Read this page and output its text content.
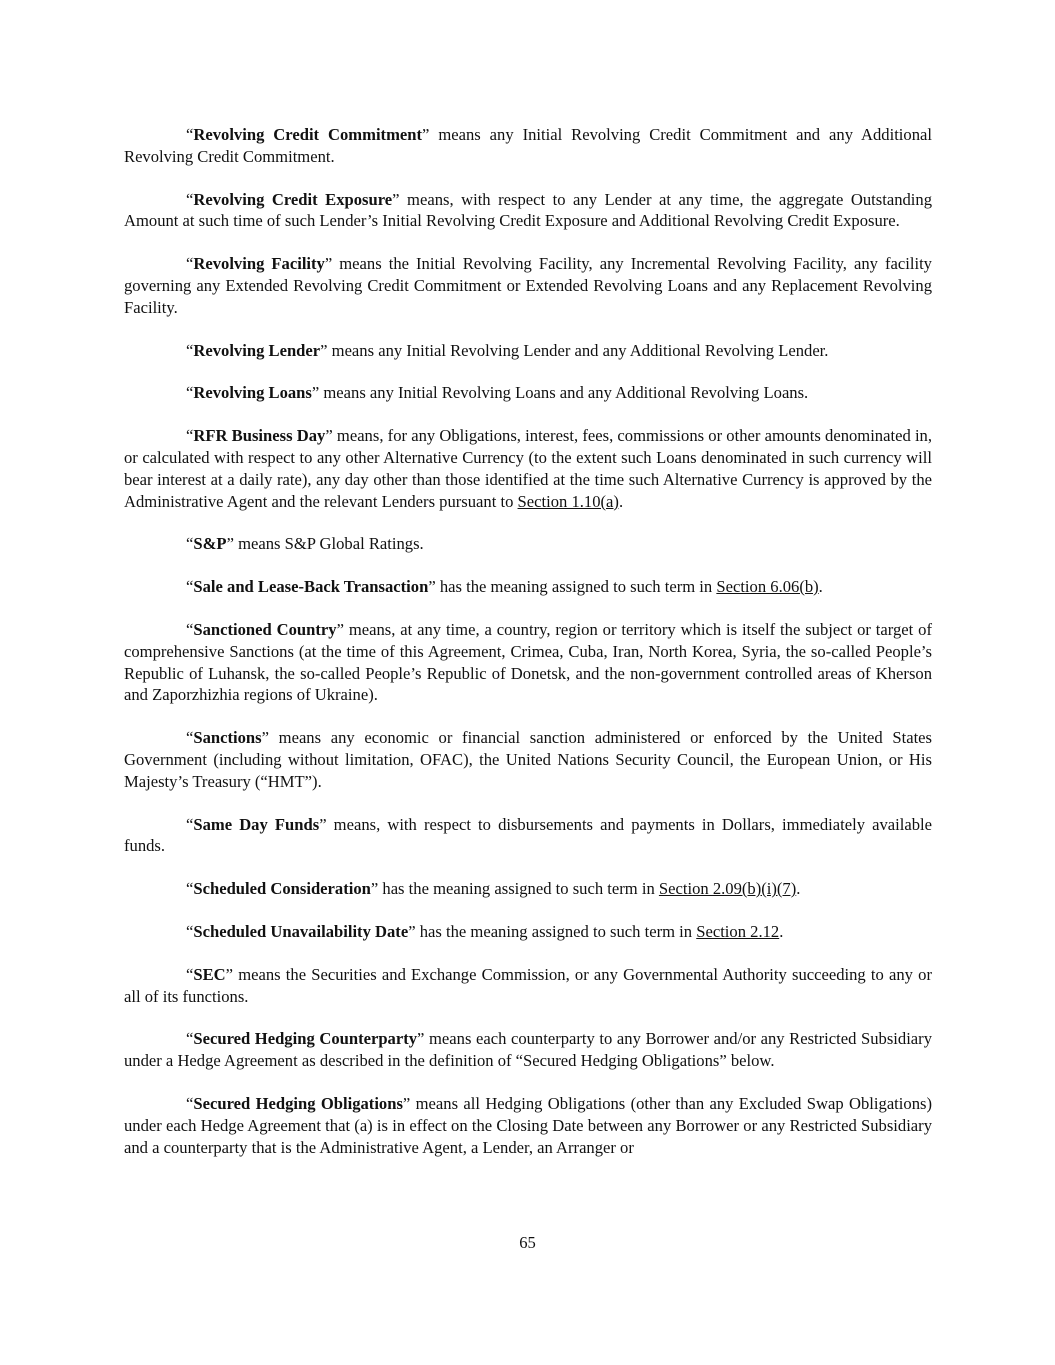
“Revolving Credit Commitment” means any Initial Revolving Credit Commitment and any Additional Revolving Credit Commitment.

“Revolving Credit Exposure” means, with respect to any Lender at any time, the aggregate Outstanding Amount at such time of such Lender’s Initial Revolving Credit Exposure and Additional Revolving Credit Exposure.

“Revolving Facility” means the Initial Revolving Facility, any Incremental Revolving Facility, any facility governing any Extended Revolving Credit Commitment or Extended Revolving Loans and any Replacement Revolving Facility.

“Revolving Lender” means any Initial Revolving Lender and any Additional Revolving Lender.

“Revolving Loans” means any Initial Revolving Loans and any Additional Revolving Loans.

“RFR Business Day” means, for any Obligations, interest, fees, commissions or other amounts denominated in, or calculated with respect to any other Alternative Currency (to the extent such Loans denominated in such currency will bear interest at a daily rate), any day other than those identified at the time such Alternative Currency is approved by the Administrative Agent and the relevant Lenders pursuant to Section 1.10(a).

“S&P” means S&P Global Ratings.

“Sale and Lease-Back Transaction” has the meaning assigned to such term in Section 6.06(b).

“Sanctioned Country” means, at any time, a country, region or territory which is itself the subject or target of comprehensive Sanctions (at the time of this Agreement, Crimea, Cuba, Iran, North Korea, Syria, the so-called People’s Republic of Luhansk, the so-called People’s Republic of Donetsk, and the non-government controlled areas of Kherson and Zaporzhizhia regions of Ukraine).

“Sanctions” means any economic or financial sanction administered or enforced by the United States Government (including without limitation, OFAC), the United Nations Security Council, the European Union, or His Majesty’s Treasury (“HMT”).

“Same Day Funds” means, with respect to disbursements and payments in Dollars, immediately available funds.

“Scheduled Consideration” has the meaning assigned to such term in Section 2.09(b)(i)(7).

“Scheduled Unavailability Date” has the meaning assigned to such term in Section 2.12.

“SEC” means the Securities and Exchange Commission, or any Governmental Authority succeeding to any or all of its functions.

“Secured Hedging Counterparty” means each counterparty to any Borrower and/or any Restricted Subsidiary under a Hedge Agreement as described in the definition of “Secured Hedging Obligations” below.

“Secured Hedging Obligations” means all Hedging Obligations (other than any Excluded Swap Obligations) under each Hedge Agreement that (a) is in effect on the Closing Date between any Borrower or any Restricted Subsidiary and a counterparty that is the Administrative Agent, a Lender, an Arranger or

65
